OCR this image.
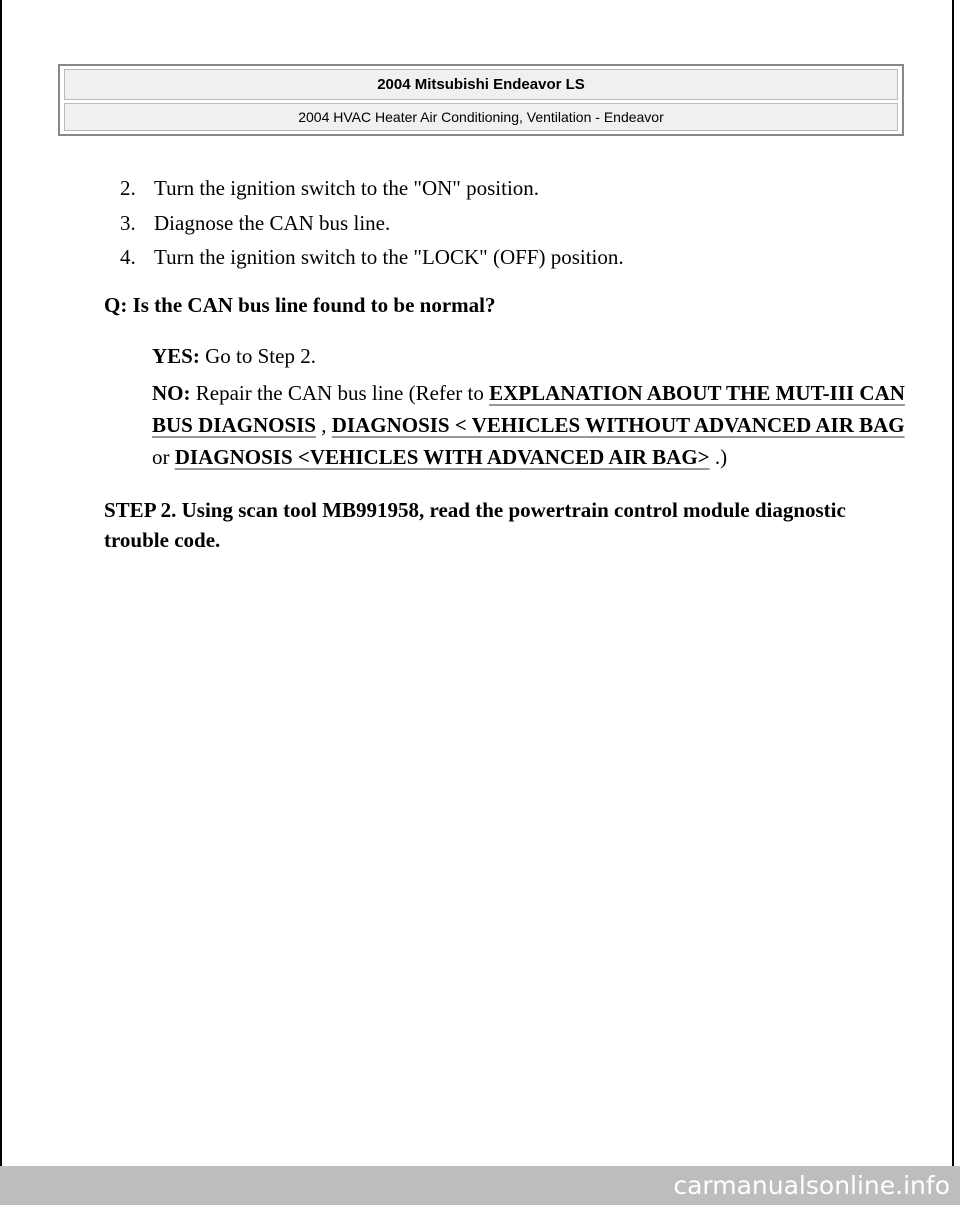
2004 Mitsubishi Endeavor LS
2004 HVAC Heater Air Conditioning, Ventilation - Endeavor
2. Turn the ignition switch to the "ON" position.
3. Diagnose the CAN bus line.
4. Turn the ignition switch to the "LOCK" (OFF) position.

Q: Is the CAN bus line found to be normal?

YES: Go to Step 2.

NO: Repair the CAN bus line (Refer to EXPLANATION ABOUT THE MUT-III CAN BUS DIAGNOSIS , DIAGNOSIS < VEHICLES WITHOUT ADVANCED AIR BAG or DIAGNOSIS <VEHICLES WITH ADVANCED AIR BAG> .)

STEP 2. Using scan tool MB991958, read the powertrain control module diagnostic trouble code.

carmanualsonline.info
